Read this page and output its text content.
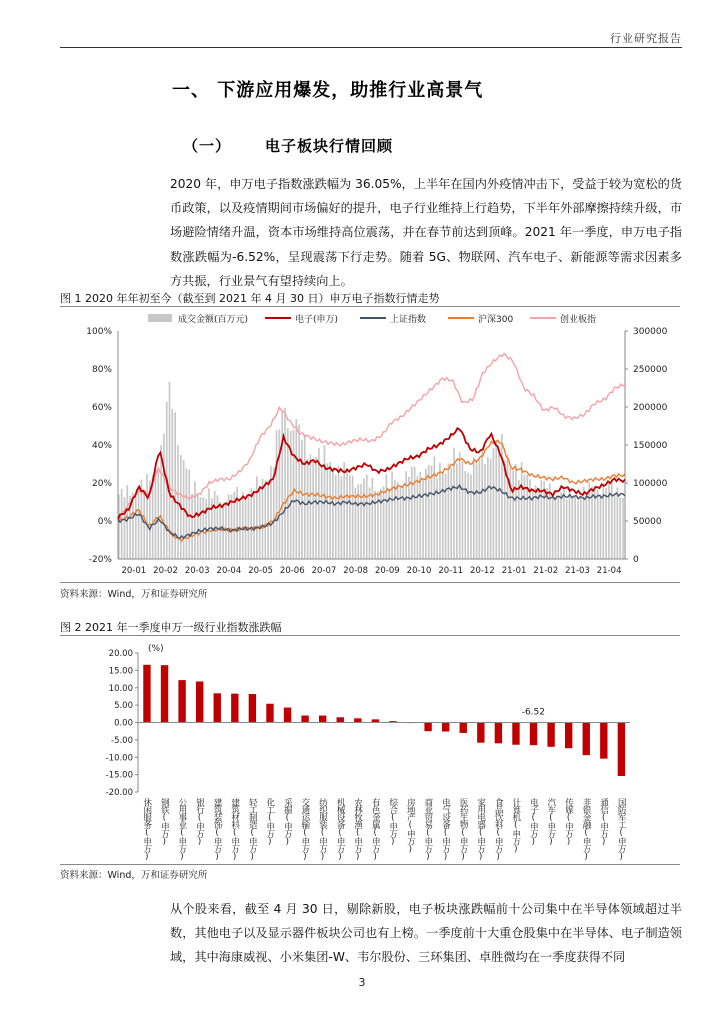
行业研究报告
一、 下游应用爆发，助推行业高景气
（一） 电子板块行情回顾
2020 年，申万电子指数涨跌幅为 36.05%，上半年在国内外疫情冲击下，受益于较为宽松的货币政策，以及疫情期间市场偏好的提升，电子行业维持上行趋势，下半年外部摩擦持续升级，市场避险情绪升温，资本市场维持高位震荡，并在春节前达到顶峰。2021 年一季度，申万电子指数涨跌幅为-6.52%，呈现震荡下行走势。随着 5G、物联网、汽车电子、新能源等需求因素多方共振，行业景气有望持续向上。
图 1 2020 年年初至今（截至到 2021 年 4 月 30 日）申万电子指数行情走势
成交金额(百万元)	电子(申万)	上证指数	沪深300	创业板指
100%
80%
60%
40%
20%
0%
-20%
300000
250000
200000
150000
100000
50000
0
20-01 20-02 20-03 20-04 20-05 20-06 20-07 20-08 20-09 20-10 20-11 20-12 21-01 21-02 21-03 21-04
资料来源：Wind，万和证券研究所
图 2 2021 年一季度申万一级行业指数涨跌幅
(%)
20.00
15.00
10.00
5.00
0.00
-5.00
-10.00
-15.00
-20.00
-6.52
休闲服务(申万) 钢铁(申万) 公用事业(申万) 银行(申万) 建筑装饰(申万) 建筑材料(申万) 轻工制造(申万) 化工(申万) 采掘(申万) 交通运输(申万) 纺织服装(申万) 机械设备(申万) 农林牧渔(申万) 有色金属(申万) 综合(申万) 房地产(申万) 商业贸易(申万) 电气设备(申万) 医药生物(申万) 家用电器(申万) 食品饮料(申万) 计算机(申万) 电子(申万) 汽车(申万) 传媒(申万) 非银金融(申万) 通信(申万) 国防军工(申万)
资料来源：Wind，万和证券研究所
从个股来看，截至 4 月 30 日，剔除新股，电子板块涨跌幅前十公司集中在半导体领域超过半数，其他电子以及显示器件板块公司也有上榜。一季度前十大重仓股集中在半导体、电子制造领域，其中海康威视、小米集团-W、韦尔股份、三环集团、卓胜微均在一季度获得不同
3
